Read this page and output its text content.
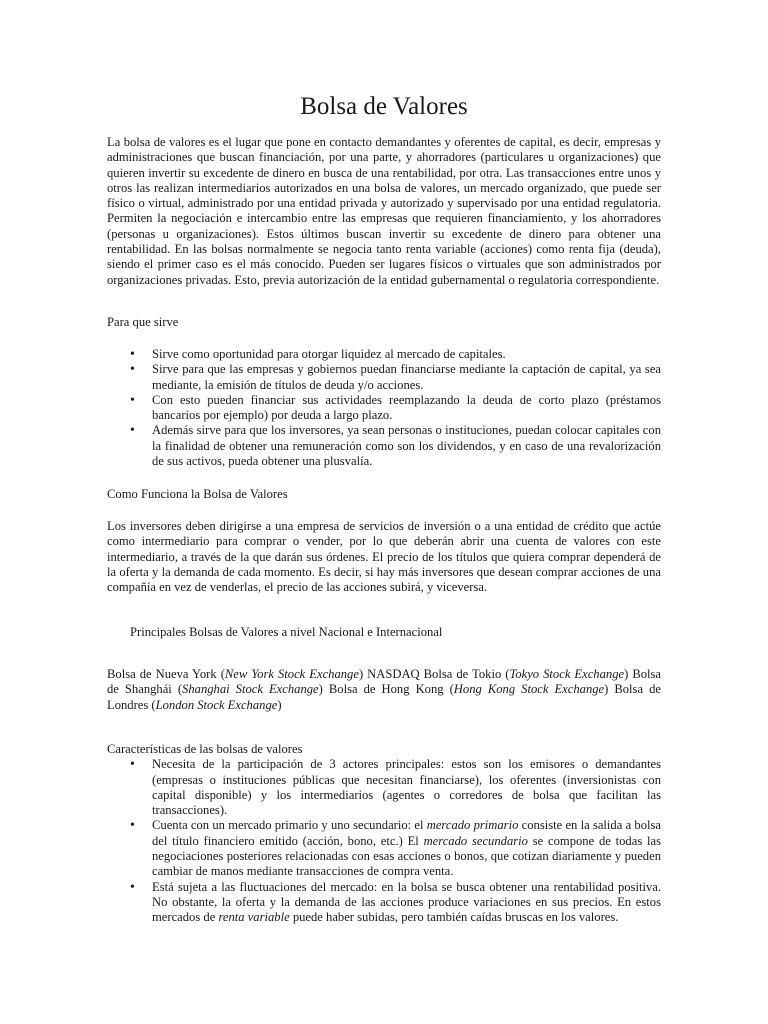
Bolsa de Valores

La bolsa de valores es el lugar que pone en contacto demandantes y oferentes de capital, es decir, empresas y administraciones que buscan financiación, por una parte, y ahorradores (particulares u organizaciones) que quieren invertir su excedente de dinero en busca de una rentabilidad, por otra. Las transacciones entre unos y otros las realizan intermediarios autorizados en una bolsa de valores, un mercado organizado, que puede ser físico o virtual, administrado por una entidad privada y autorizado y supervisado por una entidad regulatoria. Permiten la negociación e intercambio entre las empresas que requieren financiamiento, y los ahorradores (personas u organizaciones). Estos últimos buscan invertir su excedente de dinero para obtener una rentabilidad. En las bolsas normalmente se negocia tanto renta variable (acciones) como renta fija (deuda), siendo el primer caso es el más conocido. Pueden ser lugares físicos o virtuales que son administrados por organizaciones privadas. Esto, previa autorización de la entidad gubernamental o regulatoria correspondiente.

Para que sirve

• Sirve como oportunidad para otorgar liquidez al mercado de capitales.
• Sirve para que las empresas y gobiernos puedan financiarse mediante la captación de capital, ya sea mediante, la emisión de títulos de deuda y/o acciones.
• Con esto pueden financiar sus actividades reemplazando la deuda de corto plazo (préstamos bancarios por ejemplo) por deuda a largo plazo.
• Además sirve para que los inversores, ya sean personas o instituciones, puedan colocar capitales con la finalidad de obtener una remuneración como son los dividendos, y en caso de una revalorización de sus activos, pueda obtener una plusvalía.

Como Funciona la Bolsa de Valores

Los inversores deben dirigirse a una empresa de servicios de inversión o a una entidad de crédito que actúe como intermediario para comprar o vender, por lo que deberán abrir una cuenta de valores con este intermediario, a través de la que darán sus órdenes. El precio de los títulos que quiera comprar dependerá de la oferta y la demanda de cada momento. Es decir, si hay más inversores que desean comprar acciones de una compañía en vez de venderlas, el precio de las acciones subirá, y viceversa.

Principales Bolsas de Valores a nivel Nacional e Internacional

Bolsa de Nueva York (New York Stock Exchange) NASDAQ Bolsa de Tokio (Tokyo Stock Exchange) Bolsa de Shanghái (Shanghai Stock Exchange) Bolsa de Hong Kong (Hong Kong Stock Exchange) Bolsa de Londres (London Stock Exchange)

Características de las bolsas de valores

• Necesita de la participación de 3 actores principales: estos son los emisores o demandantes (empresas o instituciones públicas que necesitan financiarse), los oferentes (inversionistas con capital disponible) y los intermediarios (agentes o corredores de bolsa que facilitan las transacciones).
• Cuenta con un mercado primario y uno secundario: el mercado primario consiste en la salida a bolsa del título financiero emitido (acción, bono, etc.) El mercado secundario se compone de todas las negociaciones posteriores relacionadas con esas acciones o bonos, que cotizan diariamente y pueden cambiar de manos mediante transacciones de compra venta.
• Está sujeta a las fluctuaciones del mercado: en la bolsa se busca obtener una rentabilidad positiva. No obstante, la oferta y la demanda de las acciones produce variaciones en sus precios. En estos mercados de renta variable puede haber subidas, pero también caídas bruscas en los valores.
